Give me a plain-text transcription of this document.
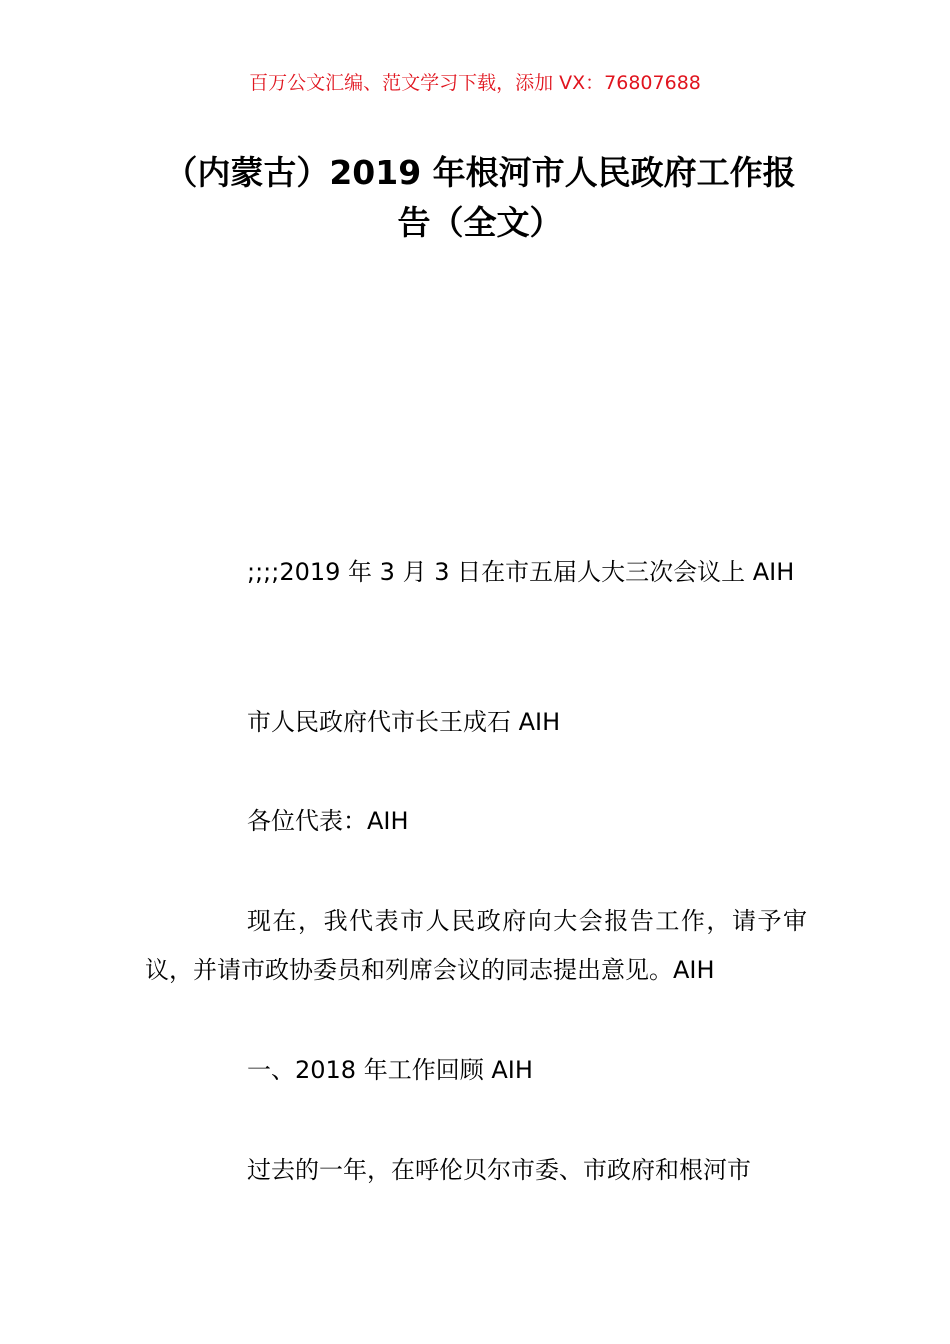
百万公文汇编、范文学习下载，添加 VX：76807688
（内蒙古）2019 年根河市人民政府工作报告（全文）
;;;;2019 年 3 月 3 日在市五届人大三次会议上 AIH
市人民政府代市长王成石 AIH
各位代表：AIH
现在，我代表市人民政府向大会报告工作，请予审议，并请市政协委员和列席会议的同志提出意见。AIH
一、2018 年工作回顾 AIH
过去的一年，在呼伦贝尔市委、市政府和根河市
